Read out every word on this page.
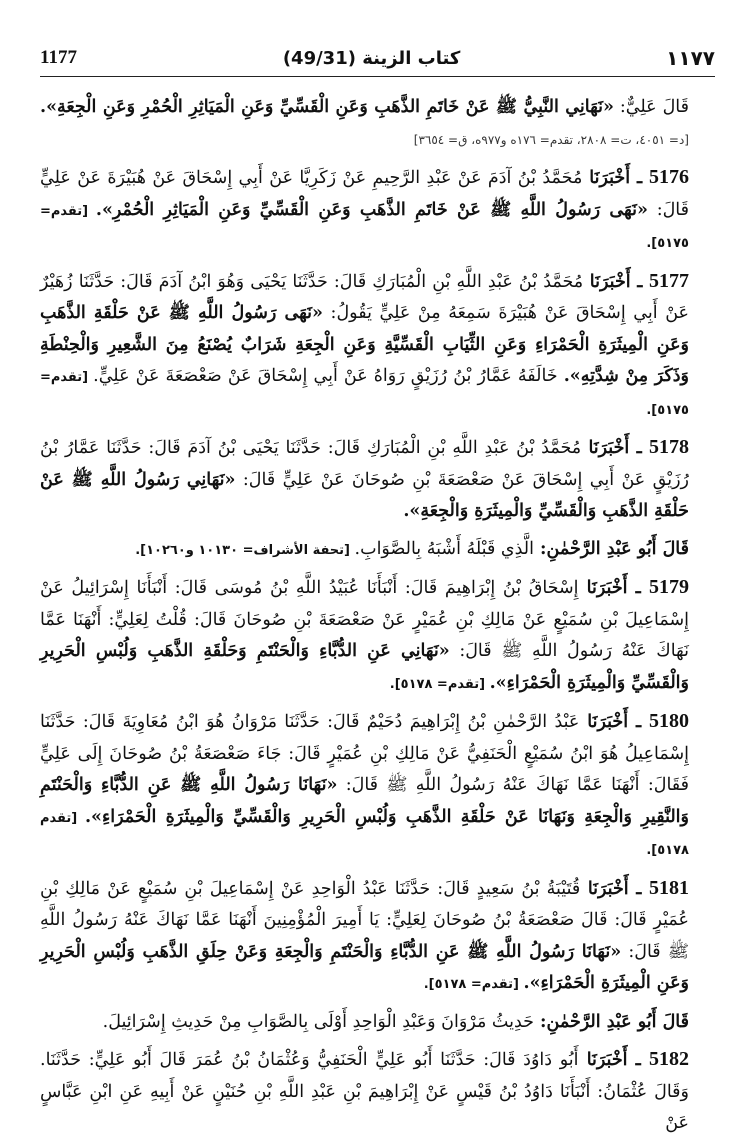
1177	كتاب الزينة (49/31)	١١٧٧

قَالَ عَلِيٌّ: «نَهَانِي النَّبِيُّ ﷺ عَنْ خَاتَمِ الذَّهَبِ وَعَنِ الْقَسِّيِّ وَعَنِ الْمَيَاثِرِ الْحُمْرِ وَعَنِ الْجِعَةِ». [د= ٤٠٥١، ت= ٢٨٠٨، تقدم= ١٧٦ه و٩٧٧ه، ق= ٣٦٥٤]

5176 ـ أَخْبَرَنَا مُحَمَّدُ بْنُ آدَمَ عَنْ عَبْدِ الرَّحِيمِ عَنْ زَكَرِيَّا عَنْ أَبِي إِسْحَاقَ عَنْ هُبَيْرَةَ عَنْ عَلِيٍّ قَالَ: «نَهَى رَسُولُ اللَّهِ ﷺ عَنْ خَاتَمِ الذَّهَبِ وَعَنِ الْقَسِّيِّ وَعَنِ الْمَيَاثِرِ الْحُمْرِ». [تقدم= ٥١٧٥].

5177 ـ أَخْبَرَنَا مُحَمَّدُ بْنُ عَبْدِ اللَّهِ بْنِ الْمُبَارَكِ قَالَ: حَدَّثَنَا يَحْيَى وَهُوَ ابْنُ آدَمَ قَالَ: حَدَّثَنَا زُهَيْرٌ عَنْ أَبِي إِسْحَاقَ عَنْ هُبَيْرَةَ سَمِعَهُ مِنْ عَلِيٍّ يَقُولُ: «نَهَى رَسُولُ اللَّهِ ﷺ عَنْ حَلْقَةِ الذَّهَبِ وَعَنِ الْمِيثَرَةِ الْحَمْرَاءِ وَعَنِ الثِّيَابِ الْقَسِّيَّةِ وَعَنِ الْجِعَةِ شَرَابٌ يُصْنَعُ مِنَ الشَّعِيرِ وَالْحِنْطَةِ وَذَكَرَ مِنْ شِدَّتِهِ». خَالَفَهُ عَمَّارُ بْنُ رُزَيْقٍ رَوَاهُ عَنْ أَبِي إِسْحَاقَ عَنْ صَعْصَعَةَ عَنْ عَلِيٍّ. [تقدم= ٥١٧٥].

5178 ـ أَخْبَرَنَا مُحَمَّدُ بْنُ عَبْدِ اللَّهِ بْنِ الْمُبَارَكِ قَالَ: حَدَّثَنَا يَحْيَى بْنُ آدَمَ قَالَ: حَدَّثَنَا عَمَّارُ بْنُ رُزَيْقٍ عَنْ أَبِي إِسْحَاقَ عَنْ صَعْصَعَةَ بْنِ صُوحَانَ عَنْ عَلِيٍّ قَالَ: «نَهَانِي رَسُولُ اللَّهِ ﷺ عَنْ حَلْقَةِ الذَّهَبِ وَالْقَسِّيِّ وَالْمِيثَرَةِ وَالْجِعَةِ».

قَالَ أَبُو عَبْدِ الرَّحْمٰنِ: الَّذِي قَبْلَهُ أَشْبَهُ بِالصَّوَابِ. [تحفة الأشراف= ١٠١٣٠ و١٠٢٦٠].

5179 ـ أَخْبَرَنَا إِسْحَاقُ بْنُ إِبْرَاهِيمَ قَالَ: أَنْبَأَنَا عُبَيْدُ اللَّهِ بْنُ مُوسَى قَالَ: أَنْبَأَنَا إِسْرَائِيلُ عَنْ إِسْمَاعِيلَ بْنِ سُمَيْعٍ عَنْ مَالِكِ بْنِ عُمَيْرٍ عَنْ صَعْصَعَةَ بْنِ صُوحَانَ قَالَ: قُلْتُ لِعَلِيٍّ: أَنْهَنَا عَمَّا نَهَاكَ عَنْهُ رَسُولُ اللَّهِ ﷺ قَالَ: «نَهَانِي عَنِ الدُّبَّاءِ وَالْحَنْتَمِ وَحَلْقَةِ الذَّهَبِ وَلُبْسِ الْحَرِيرِ وَالْقَسِّيِّ وَالْمِيثَرَةِ الْحَمْرَاءِ». [تقدم= ٥١٧٨].

5180 ـ أَخْبَرَنَا عَبْدُ الرَّحْمٰنِ بْنُ إِبْرَاهِيمَ دُحَيْمٌ قَالَ: حَدَّثَنَا مَرْوَانُ هُوَ ابْنُ مُعَاوِيَةَ قَالَ: حَدَّثَنَا إِسْمَاعِيلُ هُوَ ابْنُ سُمَيْعٍ الْحَنَفِيُّ عَنْ مَالِكِ بْنِ عُمَيْرٍ قَالَ: جَاءَ صَعْصَعَةُ بْنُ صُوحَانَ إِلَى عَلِيٍّ فَقَالَ: أَنْهَنَا عَمَّا نَهَاكَ عَنْهُ رَسُولُ اللَّهِ ﷺ قَالَ: «نَهَانَا رَسُولُ اللَّهِ ﷺ عَنِ الدُّبَّاءِ وَالْحَنْتَمِ وَالنَّقِيرِ وَالْجِعَةِ وَنَهَانَا عَنْ حَلْقَةِ الذَّهَبِ وَلُبْسِ الْحَرِيرِ وَالْقَسِّيِّ وَالْمِيثَرَةِ الْحَمْرَاءِ». [تقدم ٥١٧٨].

5181 ـ أَخْبَرَنَا قُتَيْبَةُ بْنُ سَعِيدٍ قَالَ: حَدَّثَنَا عَبْدُ الْوَاحِدِ عَنْ إِسْمَاعِيلَ بْنِ سُمَيْعٍ عَنْ مَالِكِ بْنِ عُمَيْرٍ قَالَ: قَالَ صَعْصَعَةُ بْنُ صُوحَانَ لِعَلِيٍّ: يَا أَمِيرَ الْمُؤْمِنِينَ أَنْهَنَا عَمَّا نَهَاكَ عَنْهُ رَسُولُ اللَّهِ ﷺ قَالَ: «نَهَانَا رَسُولُ اللَّهِ ﷺ عَنِ الدُّبَّاءِ وَالْحَنْتَمِ وَالْجِعَةِ وَعَنْ حِلَقِ الذَّهَبِ وَلُبْسِ الْحَرِيرِ وَعَنِ الْمِيثَرَةِ الْحَمْرَاءِ». [تقدم= ٥١٧٨].

قَالَ أَبُو عَبْدِ الرَّحْمٰنِ: حَدِيثُ مَرْوَانَ وَعَبْدِ الْوَاحِدِ أَوْلَى بِالصَّوَابِ مِنْ حَدِيثِ إِسْرَائِيلَ.

5182 ـ أَخْبَرَنَا أَبُو دَاوُدَ قَالَ: حَدَّثَنَا أَبُو عَلِيٍّ الْحَنَفِيُّ وَعُثْمَانُ بْنُ عُمَرَ قَالَ أَبُو عَلِيٍّ: حَدَّثَنَا. وَقَالَ عُثْمَانُ: أَنْبَأَنَا دَاوُدُ بْنُ قَيْسٍ عَنْ إِبْرَاهِيمَ بْنِ عَبْدِ اللَّهِ بْنِ حُنَيْنٍ عَنْ أَبِيهِ عَنِ ابْنِ عَبَّاسٍ عَنْ
